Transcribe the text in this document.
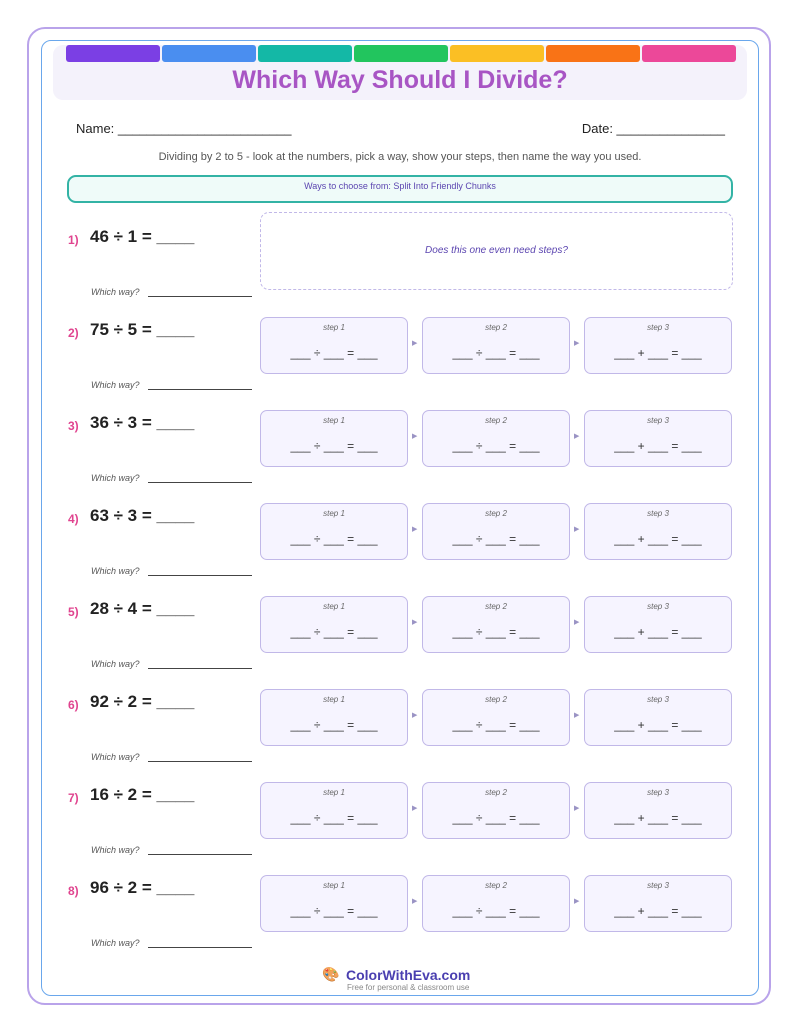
Which Way Should I Divide?
Name: ________________________	Date: _______________
Dividing by 2 to 5 - look at the numbers, pick a way, show your steps, then name the way you used.
Ways to choose from: Split Into Friendly Chunks
1) 46 ÷ 1 = ____
Which way?
Does this one even need steps?
2) 75 ÷ 5 = ____
Which way?
step 1
___ ÷ ___ = ___
▶
step 2
___ ÷ ___ = ___
▶
step 3
___ + ___ = ___
3) 36 ÷ 3 = ____
Which way?
step 1
___ ÷ ___ = ___
▶
step 2
___ ÷ ___ = ___
▶
step 3
___ + ___ = ___
4) 63 ÷ 3 = ____
Which way?
step 1
___ ÷ ___ = ___
▶
step 2
___ ÷ ___ = ___
▶
step 3
___ + ___ = ___
5) 28 ÷ 4 = ____
Which way?
step 1
___ ÷ ___ = ___
▶
step 2
___ ÷ ___ = ___
▶
step 3
___ + ___ = ___
6) 92 ÷ 2 = ____
Which way?
step 1
___ ÷ ___ = ___
▶
step 2
___ ÷ ___ = ___
▶
step 3
___ + ___ = ___
7) 16 ÷ 2 = ____
Which way?
step 1
___ ÷ ___ = ___
▶
step 2
___ ÷ ___ = ___
▶
step 3
___ + ___ = ___
8) 96 ÷ 2 = ____
Which way?
step 1
___ ÷ ___ = ___
▶
step 2
___ ÷ ___ = ___
▶
step 3
___ + ___ = ___
🎨 ColorWithEva.com
Free for personal & classroom use
